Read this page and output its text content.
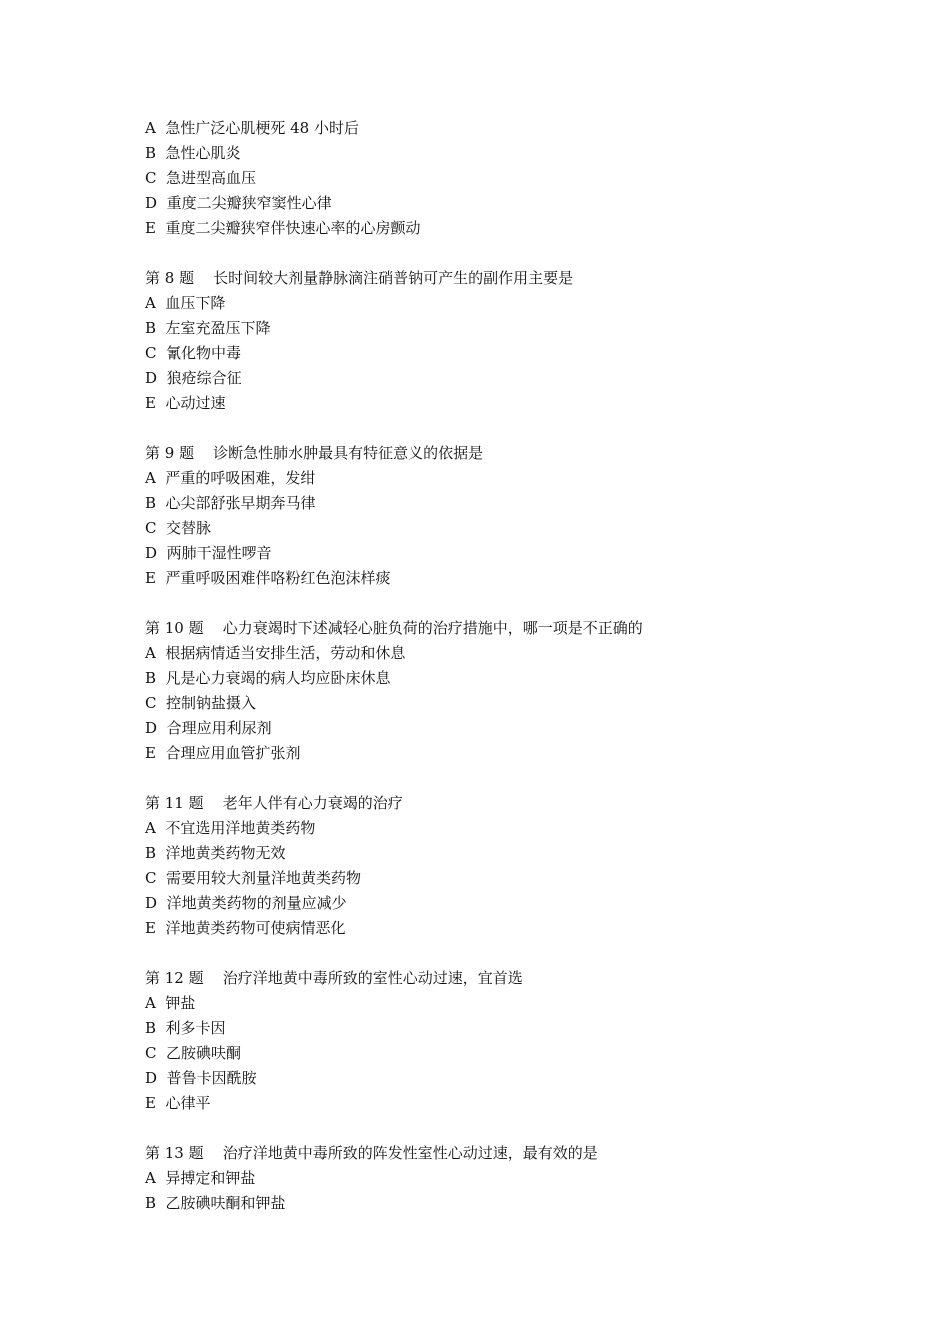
A  急性广泛心肌梗死 48 小时后
B  急性心肌炎
C  急进型高血压
D  重度二尖瓣狭窄窦性心律
E  重度二尖瓣狭窄伴快速心率的心房颤动
第 8 题    长时间较大剂量静脉滴注硝普钠可产生的副作用主要是
A  血压下降
B  左室充盈压下降
C  氰化物中毒
D  狼疮综合征
E  心动过速
第 9 题    诊断急性肺水肿最具有特征意义的依据是
A  严重的呼吸困难，发绀
B  心尖部舒张早期奔马律
C  交替脉
D  两肺干湿性啰音
E  严重呼吸困难伴咯粉红色泡沫样痰
第 10 题    心力衰竭时下述减轻心脏负荷的治疗措施中，哪一项是不正确的
A  根据病情适当安排生活，劳动和休息
B  凡是心力衰竭的病人均应卧床休息
C  控制钠盐摄入
D  合理应用利尿剂
E  合理应用血管扩张剂
第 11 题    老年人伴有心力衰竭的治疗
A  不宜选用洋地黄类药物
B  洋地黄类药物无效
C  需要用较大剂量洋地黄类药物
D  洋地黄类药物的剂量应减少
E  洋地黄类药物可使病情恶化
第 12 题    治疗洋地黄中毒所致的室性心动过速，宜首选
A  钾盐
B  利多卡因
C  乙胺碘呋酮
D  普鲁卡因酰胺
E  心律平
第 13 题    治疗洋地黄中毒所致的阵发性室性心动过速，最有效的是
A  异搏定和钾盐
B  乙胺碘呋酮和钾盐
